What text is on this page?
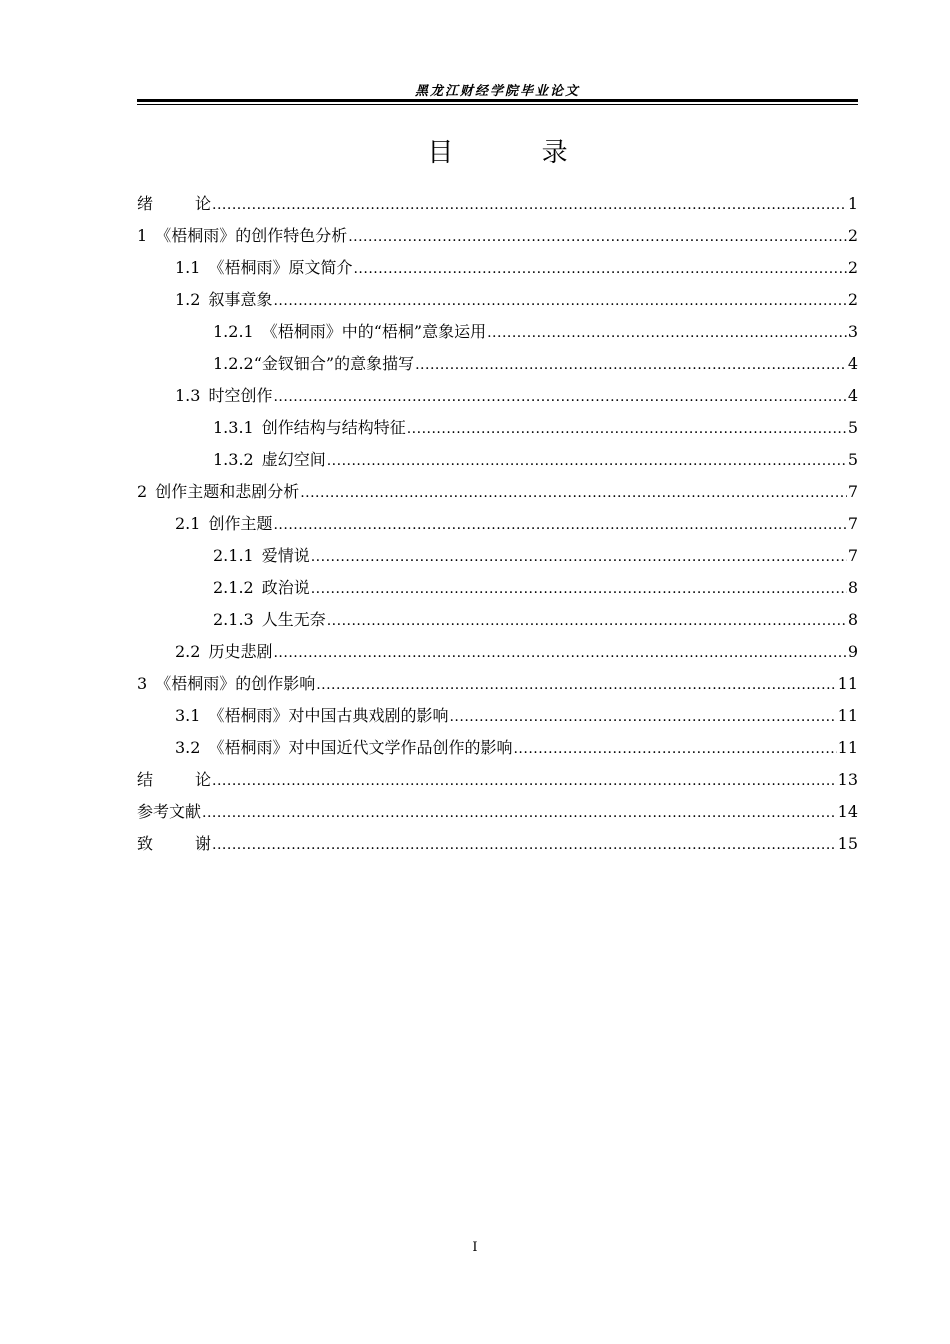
黑龙江财经学院毕业论文
目 录
绪论 .....	1
1 《梧桐雨》的创作特色分析 .....	2
1.1 《梧桐雨》原文简介 .....	2
1.2 叙事意象 .....	2
1.2.1 《梧桐雨》中的“梧桐”意象运用 .....	3
1.2.2 “金钗钿合”的意象描写 .....	4
1.3 时空创作 .....	4
1.3.1 创作结构与结构特征 .....	5
1.3.2 虚幻空间 .....	5
2 创作主题和悲剧分析 .....	7
2.1 创作主题 .....	7
2.1.1 爱情说 .....	7
2.1.2 政治说 .....	8
2.1.3 人生无奈 .....	8
2.2 历史悲剧 .....	9
3 《梧桐雨》的创作影响 .....	11
3.1 《梧桐雨》对中国古典戏剧的影响 .....	11
3.2 《梧桐雨》对中国近代文学作品创作的影响 .....	11
结论 .....	13
参考文献 .....	14
致谢 .....	15
I
